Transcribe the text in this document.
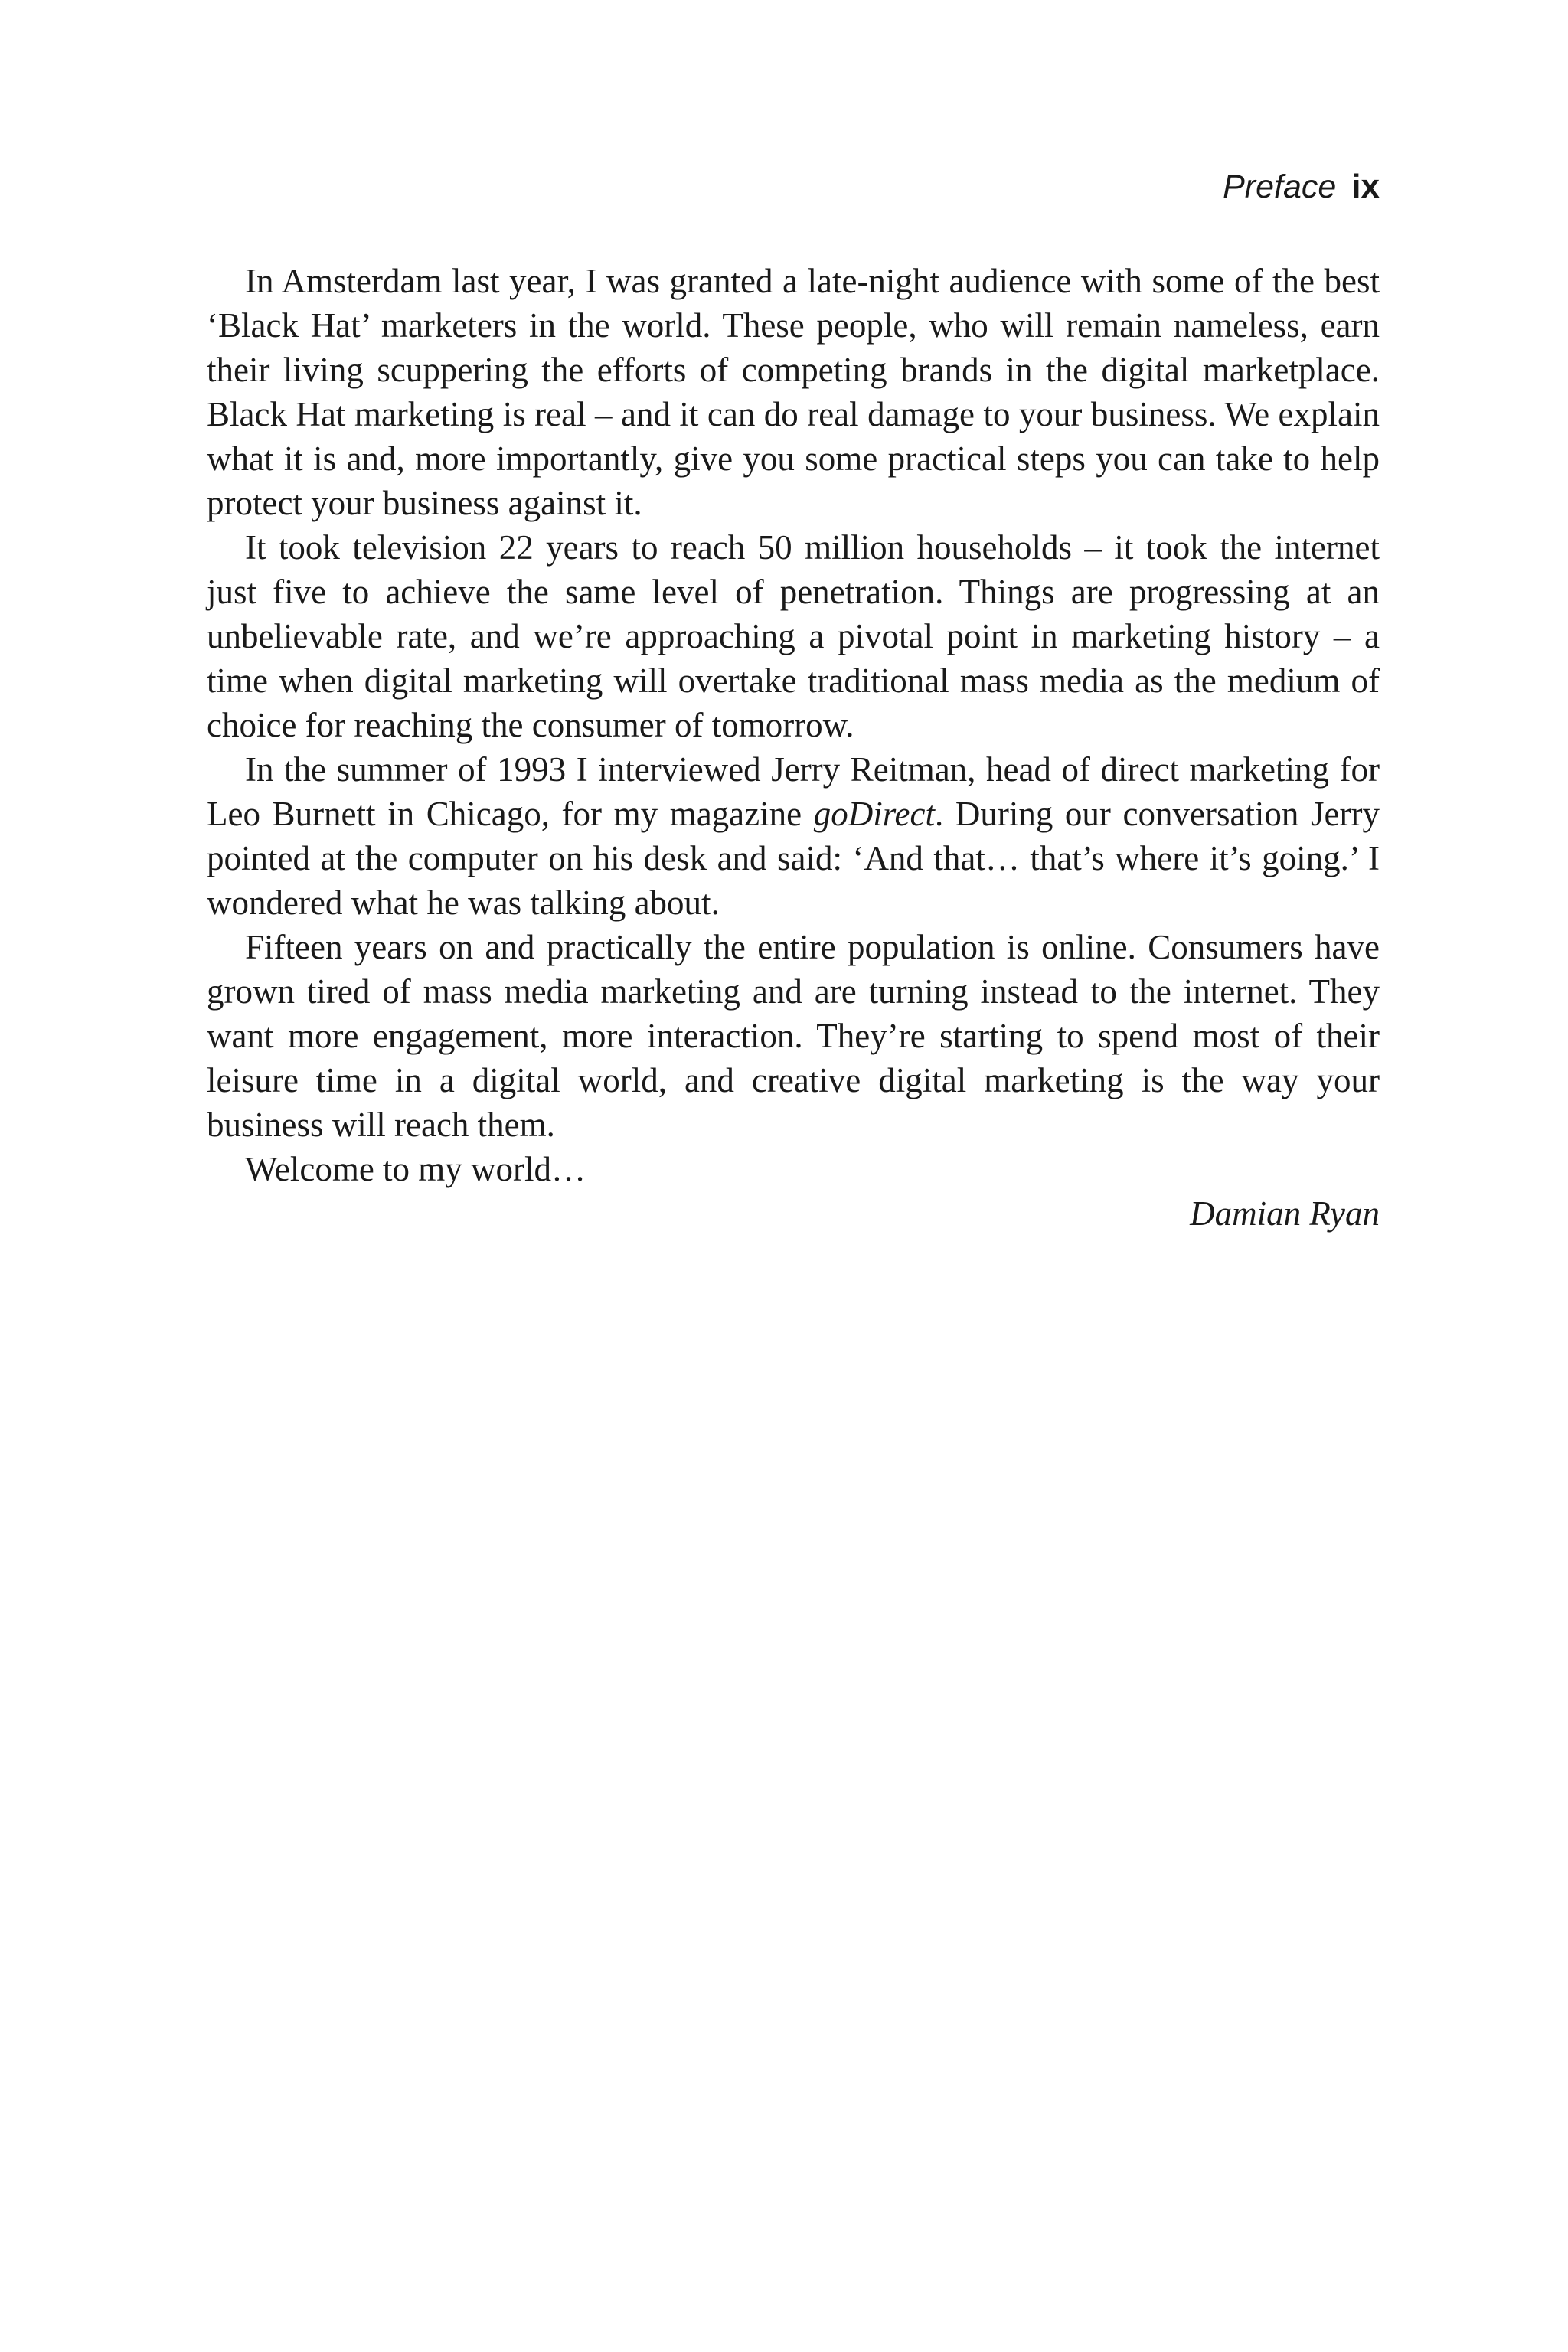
Preface ix

In Amsterdam last year, I was granted a late-night audience with some of the best ‘Black Hat’ marketers in the world. These people, who will remain nameless, earn their living scuppering the efforts of competing brands in the digital marketplace. Black Hat marketing is real – and it can do real damage to your business. We explain what it is and, more importantly, give you some practical steps you can take to help protect your business against it.

It took television 22 years to reach 50 million households – it took the internet just five to achieve the same level of penetration. Things are progressing at an unbelievable rate, and we’re approaching a pivotal point in marketing history – a time when digital marketing will overtake traditional mass media as the medium of choice for reaching the consumer of tomorrow.

In the summer of 1993 I interviewed Jerry Reitman, head of direct marketing for Leo Burnett in Chicago, for my magazine goDirect. During our conversation Jerry pointed at the computer on his desk and said: ‘And that… that’s where it’s going.’ I wondered what he was talking about.

Fifteen years on and practically the entire population is online. Consumers have grown tired of mass media marketing and are turning instead to the internet. They want more engagement, more interaction. They’re starting to spend most of their leisure time in a digital world, and creative digital marketing is the way your business will reach them.

Welcome to my world…

Damian Ryan
